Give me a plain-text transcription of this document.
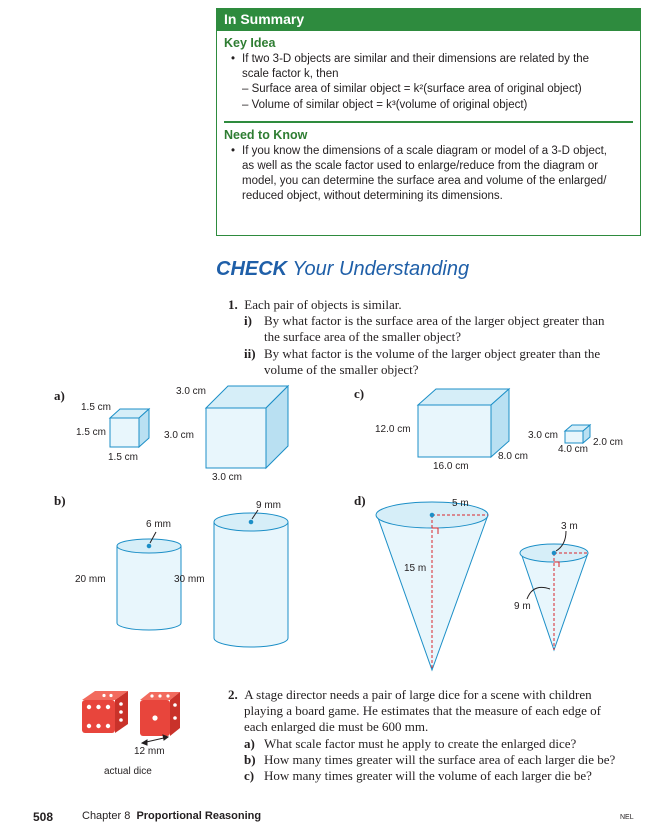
In Summary
Key Idea
• If two 3-D objects are similar and their dimensions are related by the
scale factor k, then
– Surface area of similar object = k²(surface area of original object)
– Volume of similar object = k³(volume of original object)
Need to Know
• If you know the dimensions of a scale diagram or model of a 3-D object,
as well as the scale factor used to enlarge/reduce from the diagram or
model, you can determine the surface area and volume of the enlarged/
reduced object, without determining its dimensions.
CHECK Your Understanding
1. Each pair of objects is similar.
i) By what factor is the surface area of the larger object greater than
the surface area of the smaller object?
ii) By what factor is the volume of the larger object greater than the
volume of the smaller object?
a)	c)
b)	d)
1.5 cm
1.5 cm
1.5 cm
3.0 cm
3.0 cm
3.0 cm
12.0 cm
16.0 cm
8.0 cm
3.0 cm
2.0 cm
4.0 cm
6 mm
20 mm
9 mm
30 mm
5 m
15 m
3 m
9 m
12 mm
actual dice
2. A stage director needs a pair of large dice for a scene with children
playing a board game. He estimates that the measure of each edge of
each enlarged die must be 600 mm.
a) What scale factor must he apply to create the enlarged dice?
b) How many times greater will the surface area of each larger die be?
c) How many times greater will the volume of each larger die be?
508	Chapter 8 Proportional Reasoning	NEL
